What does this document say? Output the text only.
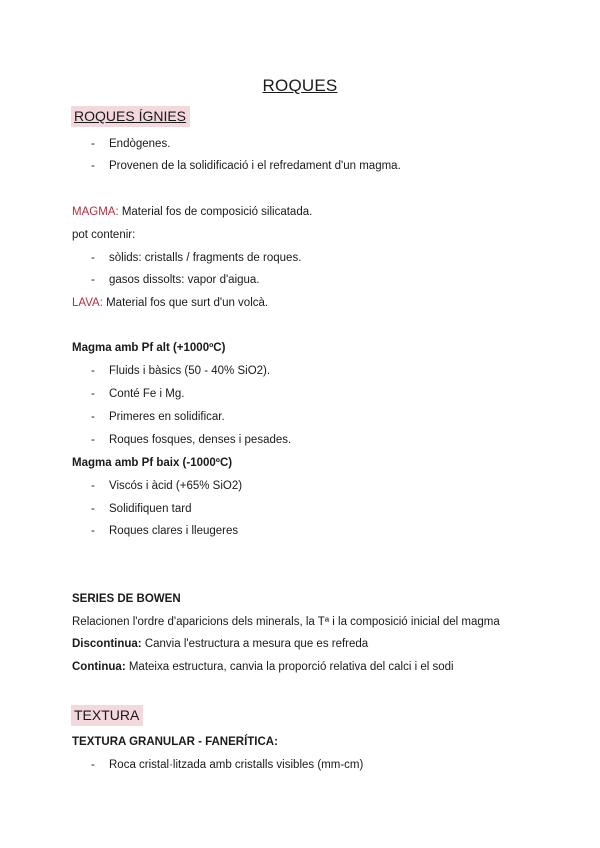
ROQUES
ROQUES ÍGNIES
- Endògenes.
- Provenen de la solidificació i el refredament d'un magma.
MAGMA: Material fos de composició silicatada.
pot contenir:
- sòlids: cristalls / fragments de roques.
- gasos dissolts: vapor d'aigua.
LAVA: Material fos que surt d'un volcà.
Magma amb Pf alt (+1000ºC)
- Fluids i bàsics (50 - 40% SiO2).
- Conté Fe i Mg.
- Primeres en solidificar.
- Roques fosques, denses i pesades.
Magma amb Pf baix (-1000ºC)
- Viscós i àcid (+65% SiO2)
- Solidifiquen tard
- Roques clares i lleugeres
SERIES DE BOWEN
Relacionen l'ordre d'aparicions dels minerals, la Tª i la composició inicial del magma
Discontinua: Canvia l'estructura a mesura que es refreda
Continua: Mateixa estructura, canvia la proporció relativa del calci i el sodi
TEXTURA
TEXTURA GRANULAR - FANERÍTICA:
- Roca cristal·litzada amb cristalls visibles (mm-cm)
